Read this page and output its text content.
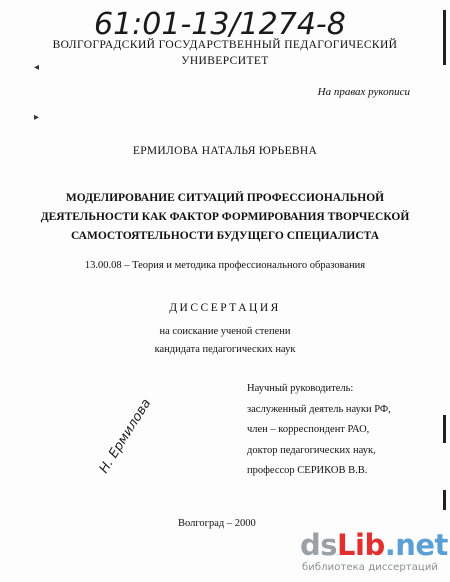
61:01-13/1274-8
ВОЛГОГРАДСКИЙ ГОСУДАРСТВЕННЫЙ ПЕДАГОГИЧЕСКИЙ
УНИВЕРСИТЕТ
◂
▸
На правах рукописи
ЕРМИЛОВА НАТАЛЬЯ ЮРЬЕВНА
МОДЕЛИРОВАНИЕ СИТУАЦИЙ ПРОФЕССИОНАЛЬНОЙ
ДЕЯТЕЛЬНОСТИ КАК ФАКТОР ФОРМИРОВАНИЯ ТВОРЧЕСКОЙ
САМОСТОЯТЕЛЬНОСТИ БУДУЩЕГО СПЕЦИАЛИСТА
13.00.08 – Теория и методика профессионального образования
ДИССЕРТАЦИЯ
на соискание ученой степени
кандидата педагогических наук
Научный руководитель:
заслуженный деятель науки РФ,
член – корреспондент РАО,
доктор педагогических наук,
профессор СЕРИКОВ В.В.
Н. Ермилова
Волгоград – 2000
dsLib.net
библиотека диссертаций
